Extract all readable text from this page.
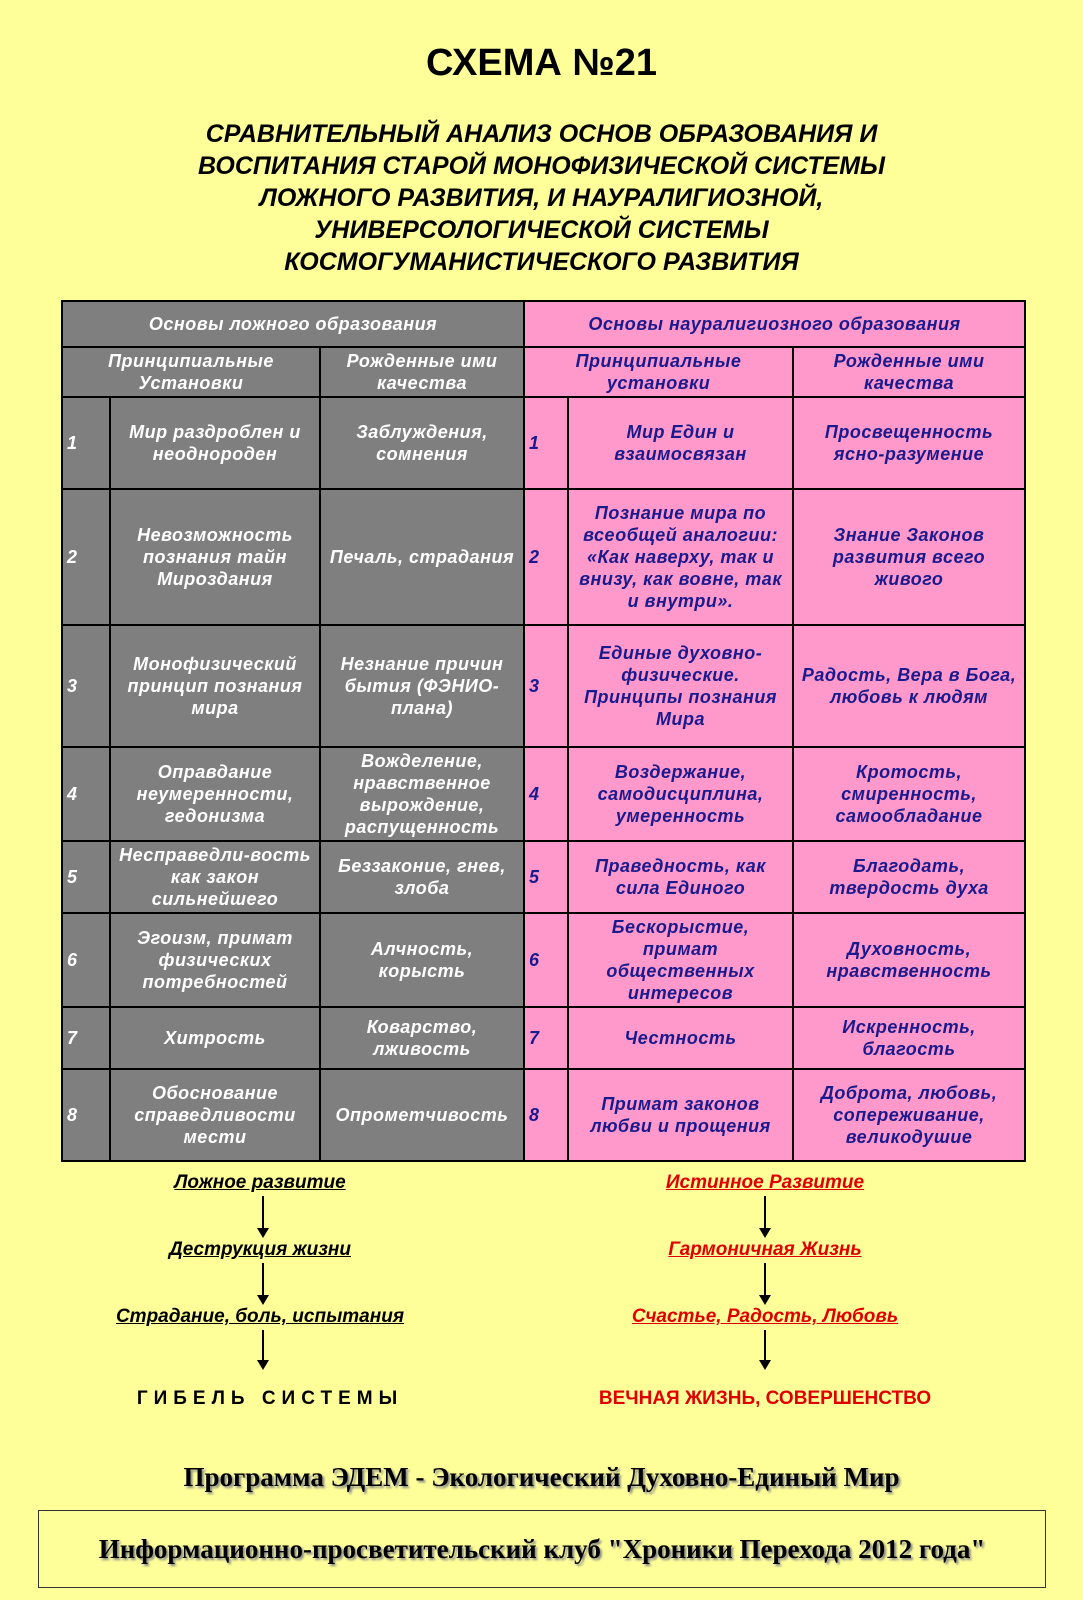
СХЕМА №21
СРАВНИТЕЛЬНЫЙ АНАЛИЗ ОСНОВ ОБРАЗОВАНИЯ И
ВОСПИТАНИЯ СТАРОЙ МОНОФИЗИЧЕСКОЙ СИСТЕМЫ
ЛОЖНОГО РАЗВИТИЯ, И НАУРАЛИГИОЗНОЙ,
УНИВЕРСОЛОГИЧЕСКОЙ СИСТЕМЫ
КОСМОГУМАНИСТИЧЕСКОГО РАЗВИТИЯ
Основы ложного образования			Основы науралигиозного образования		
Принципиальные Установки		Рожденные ими качества	Принципиальные установки		Рожденные ими качества
1	Мир раздроблен и неоднороден	Заблуждения, сомнения	1	Мир Един и взаимосвязан	Просвещенность ясно-разумение
2	Невозможность познания тайн Мироздания	Печаль, страдания	2	Познание мира по всеобщей аналогии: «Как наверху, так и внизу, как вовне, так и внутри».	Знание Законов развития всего живого
3	Монофизический принцип познания мира	Незнание причин бытия (ФЭНИО-плана)	3	Единые духовно-физические. Принципы познания Мира	Радость, Вера в Бога, любовь к людям
4	Оправдание неумеренности, гедонизма	Вожделение, нравственное вырождение, распущенность	4	Воздержание, самодисциплина, умеренность	Кротость, смиренность, самообладание
5	Несправедли-вость как закон сильнейшего	Беззаконие, гнев, злоба	5	Праведность, как сила Единого	Благодать, твердость духа
6	Эгоизм, примат физических потребностей	Алчность, корысть	6	Бескорыстие, примат общественных интересов	Духовность, нравственность
7	Хитрость	Коварство, лживость	7	Честность	Искренность, благость
8	Обоснование справедливости мести	Опрометчивость	8	Примат законов любви и прощения	Доброта, любовь, сопереживание, великодушие
Ложное развитие
Деструкция жизни
Страдание, боль, испытания
ГИБЕЛЬ СИСТЕМЫ
Истинное Развитие
Гармоничная Жизнь
Счастье, Радость, Любовь
ВЕЧНАЯ ЖИЗНЬ, СОВЕРШЕНСТВО
Программа ЭДЕМ - Экологический Духовно-Единый Мир
Информационно-просветительский клуб "Хроники Перехода 2012 года"
